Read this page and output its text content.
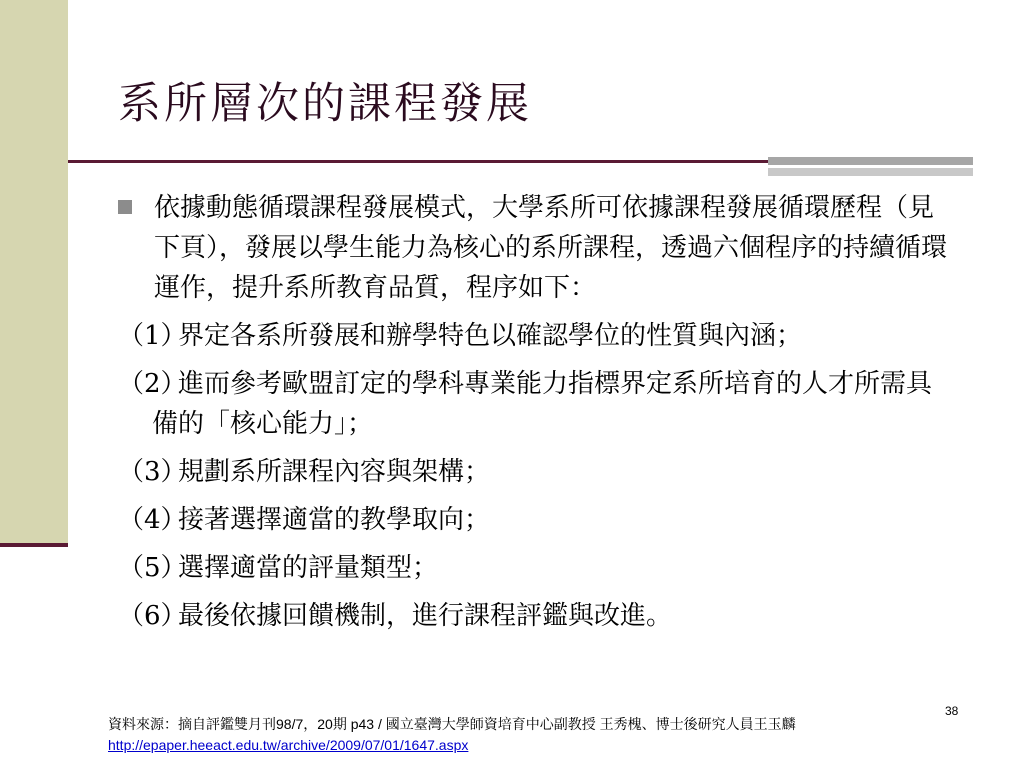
系所層次的課程發展
依據動態循環課程發展模式，大學系所可依據課程發展循環歷程（見下頁），發展以學生能力為核心的系所課程，透過六個程序的持續循環運作，提升系所教育品質，程序如下：
（1）界定各系所發展和辦學特色以確認學位的性質與內涵；
（2）進而參考歐盟訂定的學科專業能力指標界定系所培育的人才所需具備的「核心能力」；
（3）規劃系所課程內容與架構；
（4）接著選擇適當的教學取向；
（5）選擇適當的評量類型；
（6）最後依據回饋機制，進行課程評鑑與改進。
資料來源：摘自評鑑雙月刊98/7，20期 p43 / 國立臺灣大學師資培育中心副教授 王秀槐、博士後研究人員王玉麟 http://epaper.heeact.edu.tw/archive/2009/07/01/1647.aspx
38
